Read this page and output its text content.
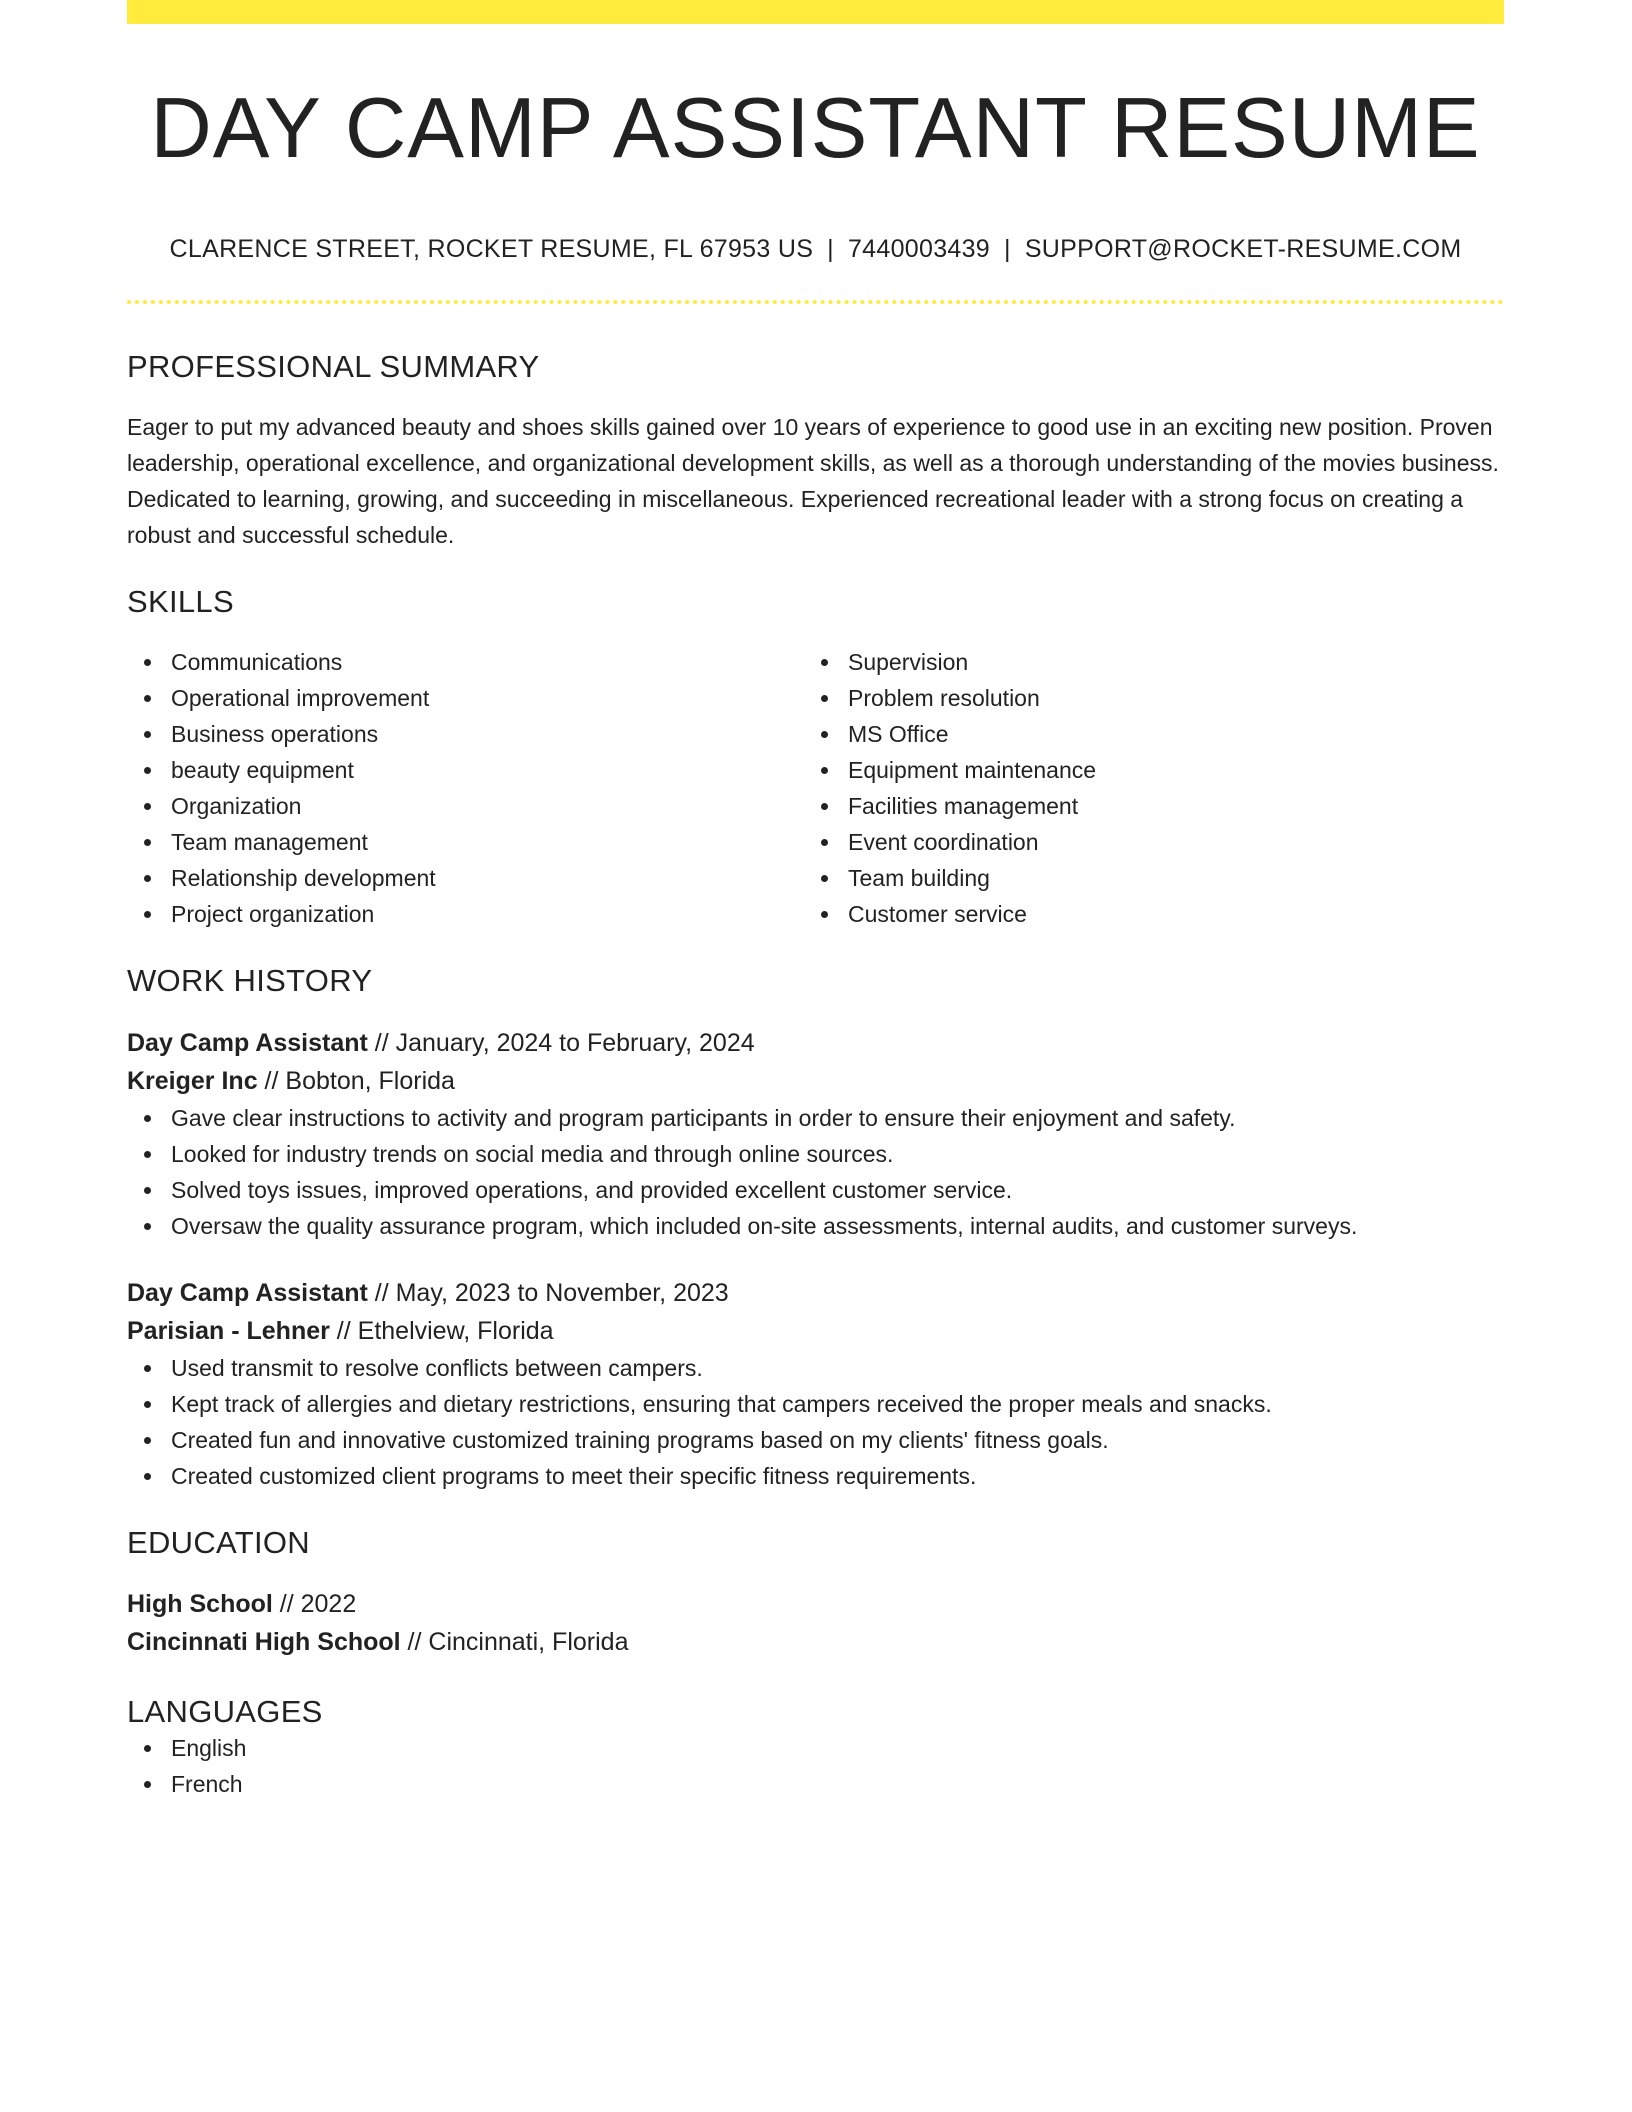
DAY CAMP ASSISTANT RESUME
CLARENCE STREET, ROCKET RESUME, FL 67953 US | 7440003439 | SUPPORT@ROCKET-RESUME.COM
PROFESSIONAL SUMMARY

Eager to put my advanced beauty and shoes skills gained over 10 years of experience to good use in an exciting new position. Proven leadership, operational excellence, and organizational development skills, as well as a thorough understanding of the movies business. Dedicated to learning, growing, and succeeding in miscellaneous. Experienced recreational leader with a strong focus on creating a robust and successful schedule.

SKILLS
Communications
Operational improvement
Business operations
beauty equipment
Organization
Team management
Relationship development
Project organization
Supervision
Problem resolution
MS Office
Equipment maintenance
Facilities management
Event coordination
Team building
Customer service
WORK HISTORY
Day Camp Assistant // January, 2024 to February, 2024
Kreiger Inc // Bobton, Florida
Gave clear instructions to activity and program participants in order to ensure their enjoyment and safety.
Looked for industry trends on social media and through online sources.
Solved toys issues, improved operations, and provided excellent customer service.
Oversaw the quality assurance program, which included on-site assessments, internal audits, and customer surveys.
Day Camp Assistant // May, 2023 to November, 2023
Parisian - Lehner // Ethelview, Florida
Used transmit to resolve conflicts between campers.
Kept track of allergies and dietary restrictions, ensuring that campers received the proper meals and snacks.
Created fun and innovative customized training programs based on my clients' fitness goals.
Created customized client programs to meet their specific fitness requirements.
EDUCATION
High School // 2022
Cincinnati High School // Cincinnati, Florida
LANGUAGES
English
French
